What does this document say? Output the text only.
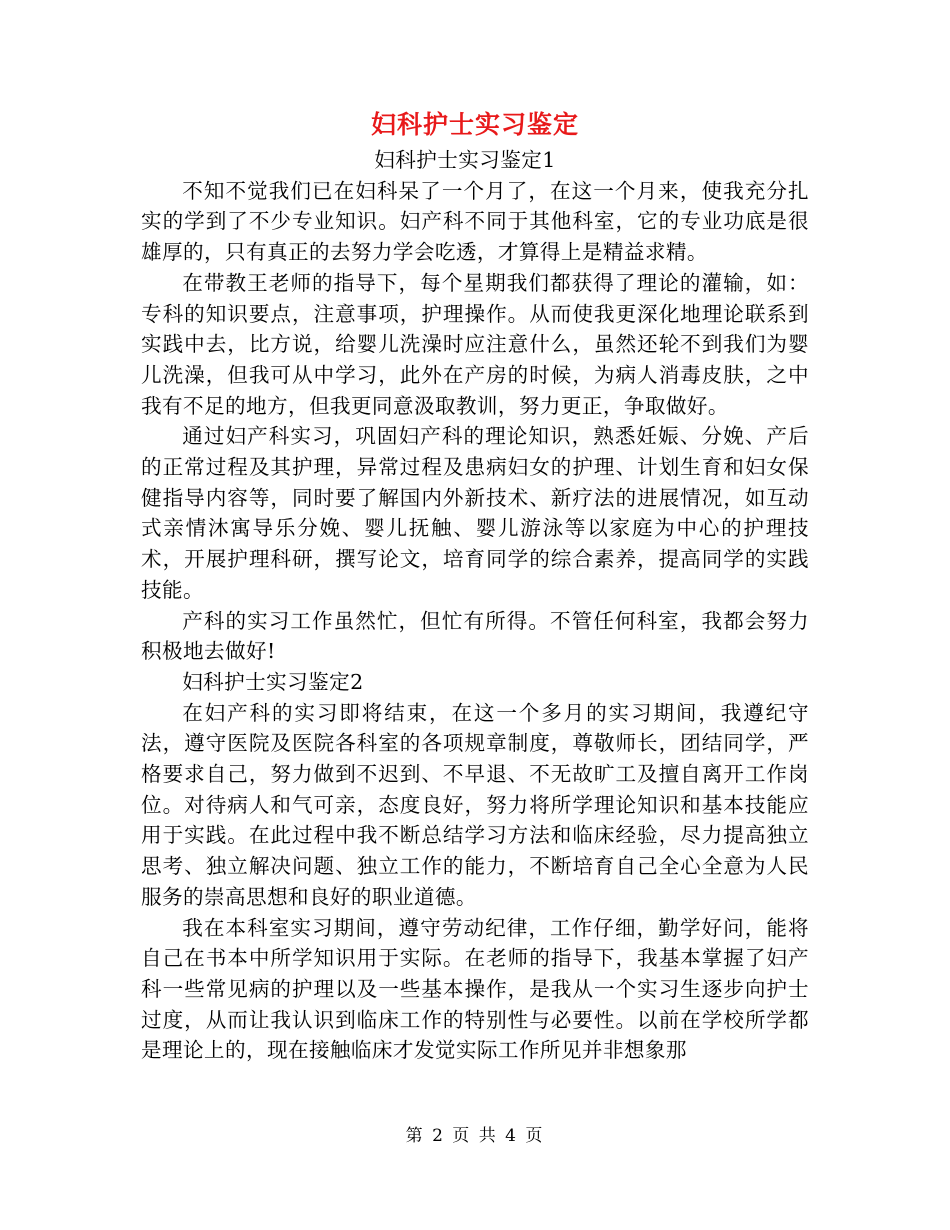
妇科护士实习鉴定

妇科护士实习鉴定1

不知不觉我们已在妇科呆了一个月了，在这一个月来，使我充分扎实的学到了不少专业知识。妇产科不同于其他科室，它的专业功底是很雄厚的，只有真正的去努力学会吃透，才算得上是精益求精。

在带教王老师的指导下，每个星期我们都获得了理论的灌输，如：专科的知识要点，注意事项，护理操作。从而使我更深化地理论联系到实践中去，比方说，给婴儿洗澡时应注意什么，虽然还轮不到我们为婴儿洗澡，但我可从中学习，此外在产房的时候，为病人消毒皮肤，之中我有不足的地方，但我更同意汲取教训，努力更正，争取做好。

通过妇产科实习，巩固妇产科的理论知识，熟悉妊娠、分娩、产后的正常过程及其护理，异常过程及患病妇女的护理、计划生育和妇女保健指导内容等，同时要了解国内外新技术、新疗法的进展情况，如互动式亲情沐寓导乐分娩、婴儿抚触、婴儿游泳等以家庭为中心的护理技术，开展护理科研，撰写论文，培育同学的综合素养，提高同学的实践技能。

产科的实习工作虽然忙，但忙有所得。不管任何科室，我都会努力积极地去做好!

妇科护士实习鉴定2

在妇产科的实习即将结束，在这一个多月的实习期间，我遵纪守法，遵守医院及医院各科室的各项规章制度，尊敬师长，团结同学，严格要求自己，努力做到不迟到、不早退、不无故旷工及擅自离开工作岗位。对待病人和气可亲，态度良好，努力将所学理论知识和基本技能应用于实践。在此过程中我不断总结学习方法和临床经验，尽力提高独立思考、独立解决问题、独立工作的能力，不断培育自己全心全意为人民服务的崇高思想和良好的职业道德。

我在本科室实习期间，遵守劳动纪律，工作仔细，勤学好问，能将自己在书本中所学知识用于实际。在老师的指导下，我基本掌握了妇产科一些常见病的护理以及一些基本操作，是我从一个实习生逐步向护士过度，从而让我认识到临床工作的特别性与必要性。以前在学校所学都是理论上的，现在接触临床才发觉实际工作所见并非想象那

第 2 页 共 4 页
